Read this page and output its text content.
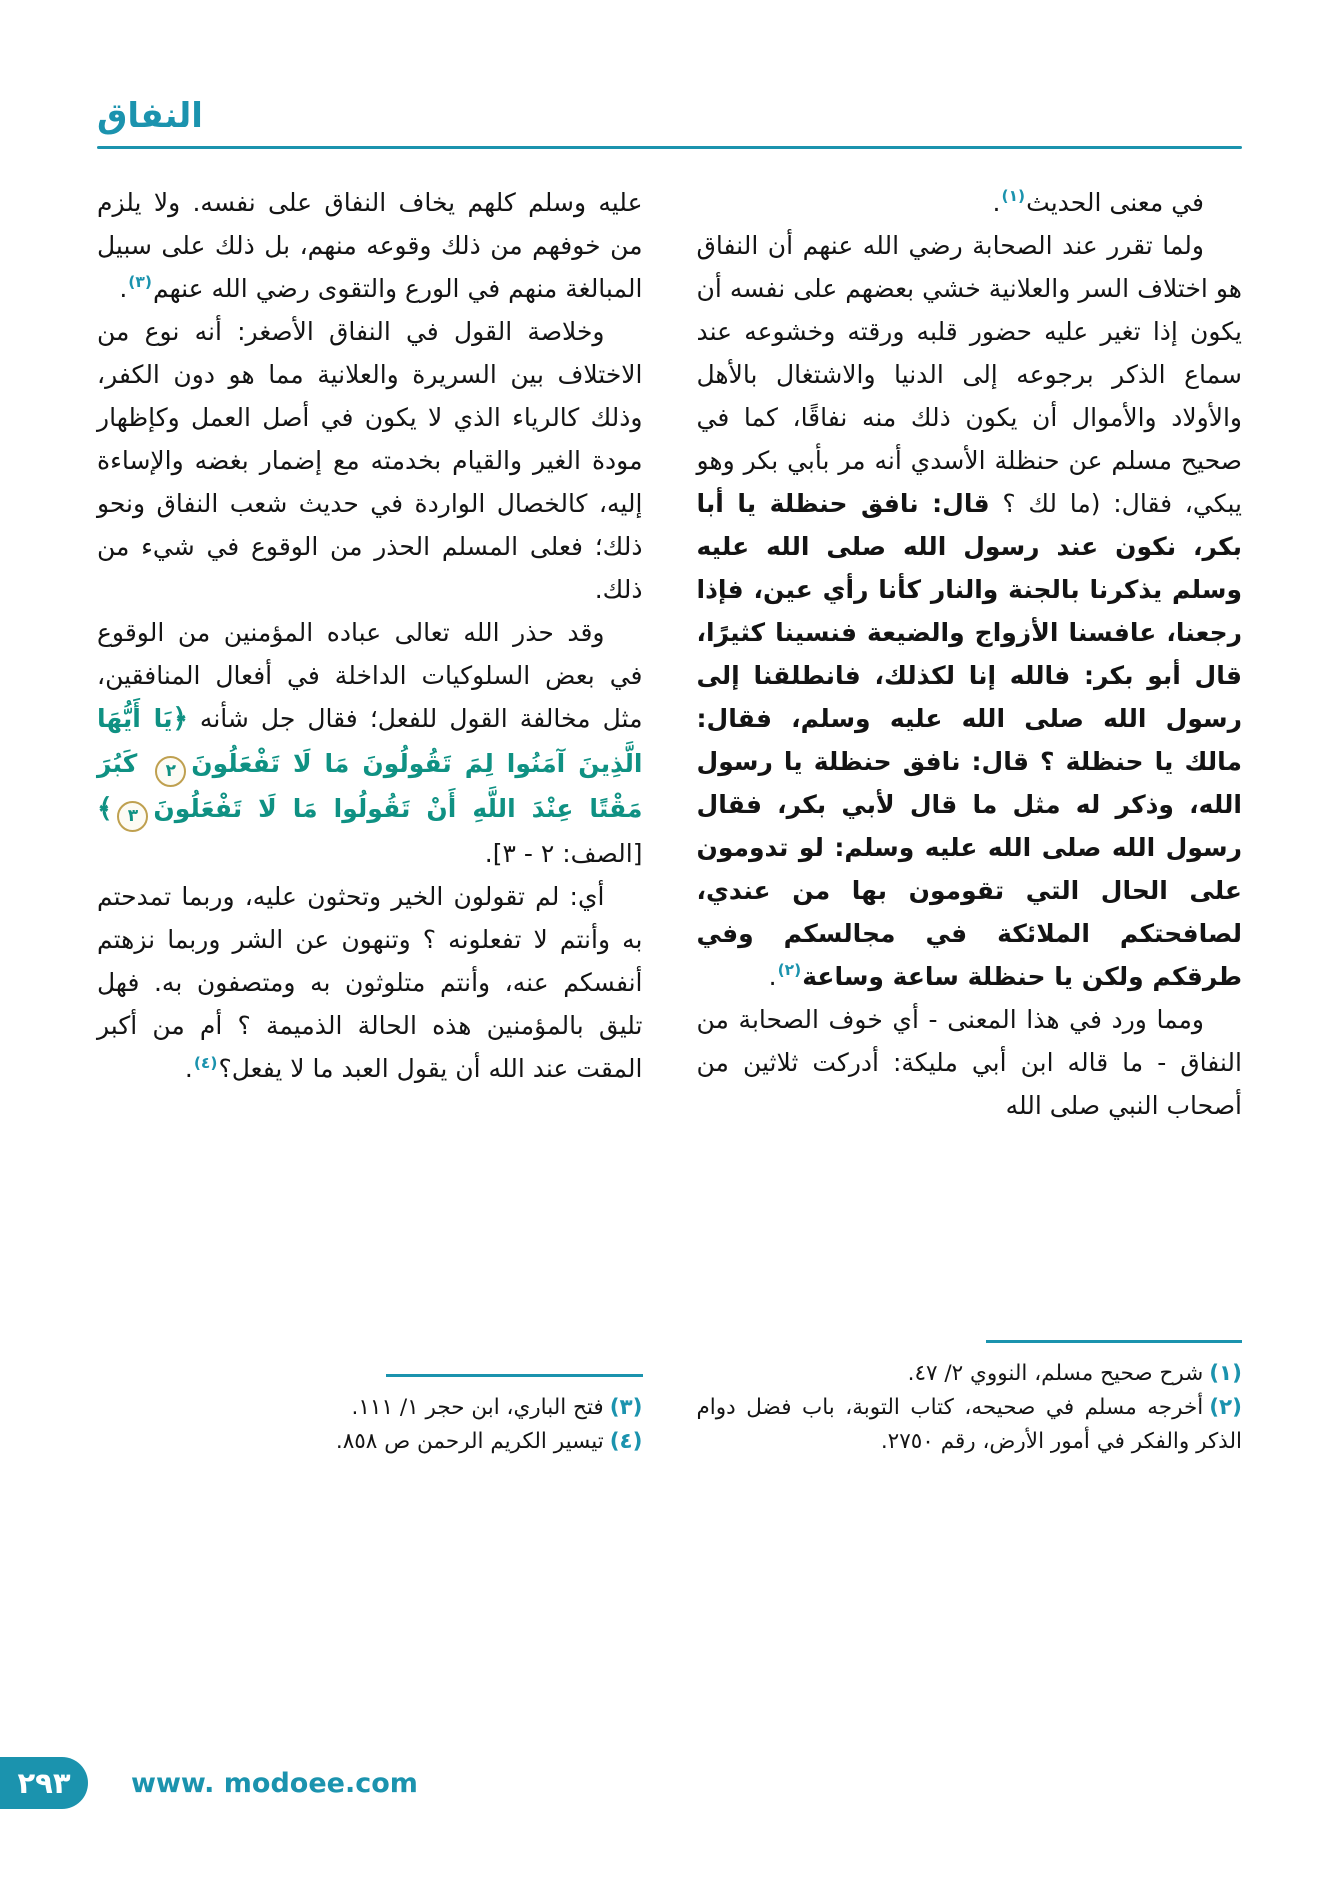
النفاق

في معنى الحديث$^{(١)}$.

ولما تقرر عند الصحابة رضي الله عنهم أن النفاق هو اختلاف السر والعلانية خشي بعضهم على نفسه أن يكون إذا تغير عليه حضور قلبه ورقته وخشوعه عند سماع الذكر برجوعه إلى الدنيا والاشتغال بالأهل والأولاد والأموال أن يكون ذلك منه نفاقًا، كما في صحيح مسلم عن حنظلة الأسدي أنه مر بأبي بكر وهو يبكي، فقال: (ما لك ؟ قال: نافق حنظلة يا أبا بكر، نكون عند رسول الله صلى الله عليه وسلم يذكرنا بالجنة والنار كأنا رأي عين، فإذا رجعنا، عافسنا الأزواج والضيعة فنسينا كثيرًا، قال أبو بكر: فالله إنا لكذلك، فانطلقنا إلى رسول الله صلى الله عليه وسلم، فقال: مالك يا حنظلة ؟ قال: نافق حنظلة يا رسول الله، وذكر له مثل ما قال لأبي بكر، فقال رسول الله صلى الله عليه وسلم: لو تدومون على الحال التي تقومون بها من عندي، لصافحتكم الملائكة في مجالسكم وفي طرقكم ولكن يا حنظلة ساعة وساعة$^{(٢)}$.

ومما ورد في هذا المعنى - أي خوف الصحابة من النفاق - ما قاله ابن أبي مليكة: أدركت ثلاثين من أصحاب النبي صلى الله

(١)شرح صحيح مسلم، النووي ٢/ ٤٧.
(٢)أخرجه مسلم في صحيحه، كتاب التوبة، باب فضل دوام الذكر والفكر في أمور الأرض، رقم ٢٧٥٠.

عليه وسلم كلهم يخاف النفاق على نفسه. ولا يلزم من خوفهم من ذلك وقوعه منهم، بل ذلك على سبيل المبالغة منهم في الورع والتقوى رضي الله عنهم$^{(٣)}$.

وخلاصة القول في النفاق الأصغر: أنه نوع من الاختلاف بين السريرة والعلانية مما هو دون الكفر، وذلك كالرياء الذي لا يكون في أصل العمل وكإظهار مودة الغير والقيام بخدمته مع إضمار بغضه والإساءة إليه، كالخصال الواردة في حديث شعب النفاق ونحو ذلك؛ فعلى المسلم الحذر من الوقوع في شيء من ذلك.

وقد حذر الله تعالى عباده المؤمنين من الوقوع في بعض السلوكيات الداخلة في أفعال المنافقين، مثل مخالفة القول للفعل؛ فقال جل شأنه ﴿يَا أَيُّهَا الَّذِينَ آمَنُوا لِمَ تَقُولُونَ مَا لَا تَفْعَلُونَ٢ كَبُرَ مَقْتًا عِنْدَ اللَّهِ أَنْ تَقُولُوا مَا لَا تَفْعَلُونَ٣﴾ [الصف: ٢ - ٣].

أي: لم تقولون الخير وتحثون عليه، وربما تمدحتم به وأنتم لا تفعلونه ؟ وتنهون عن الشر وربما نزهتم أنفسكم عنه، وأنتم متلوثون به ومتصفون به. فهل تليق بالمؤمنين هذه الحالة الذميمة ؟ أم من أكبر المقت عند الله أن يقول العبد ما لا يفعل؟$^{(٤)}$.

(٣)فتح الباري، ابن حجر ١/ ١١١.
(٤)تيسير الكريم الرحمن ص ٨٥٨.
٢٩٣ www. modoee.com
